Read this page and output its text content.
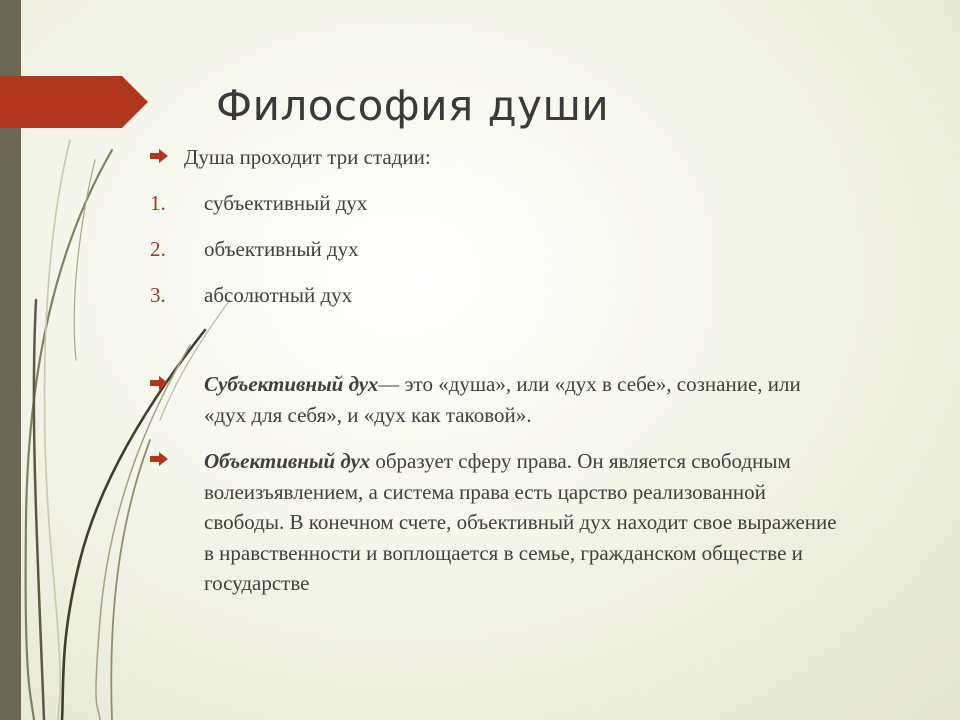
Философия души
Душа проходит три стадии:
1. субъективный дух
2. объективный дух
3. абсолютный дух
Субъективный дух— это «душа», или «дух в себе», сознание, или «дух для себя», и «дух как таковой».
Объективный дух образует сферу права. Он является свободным волеизъявлением, а система права есть царство реализованной свободы. В конечном счете, объективный дух находит свое выражение в нравственности и воплощается в семье, гражданском обществе и государстве
